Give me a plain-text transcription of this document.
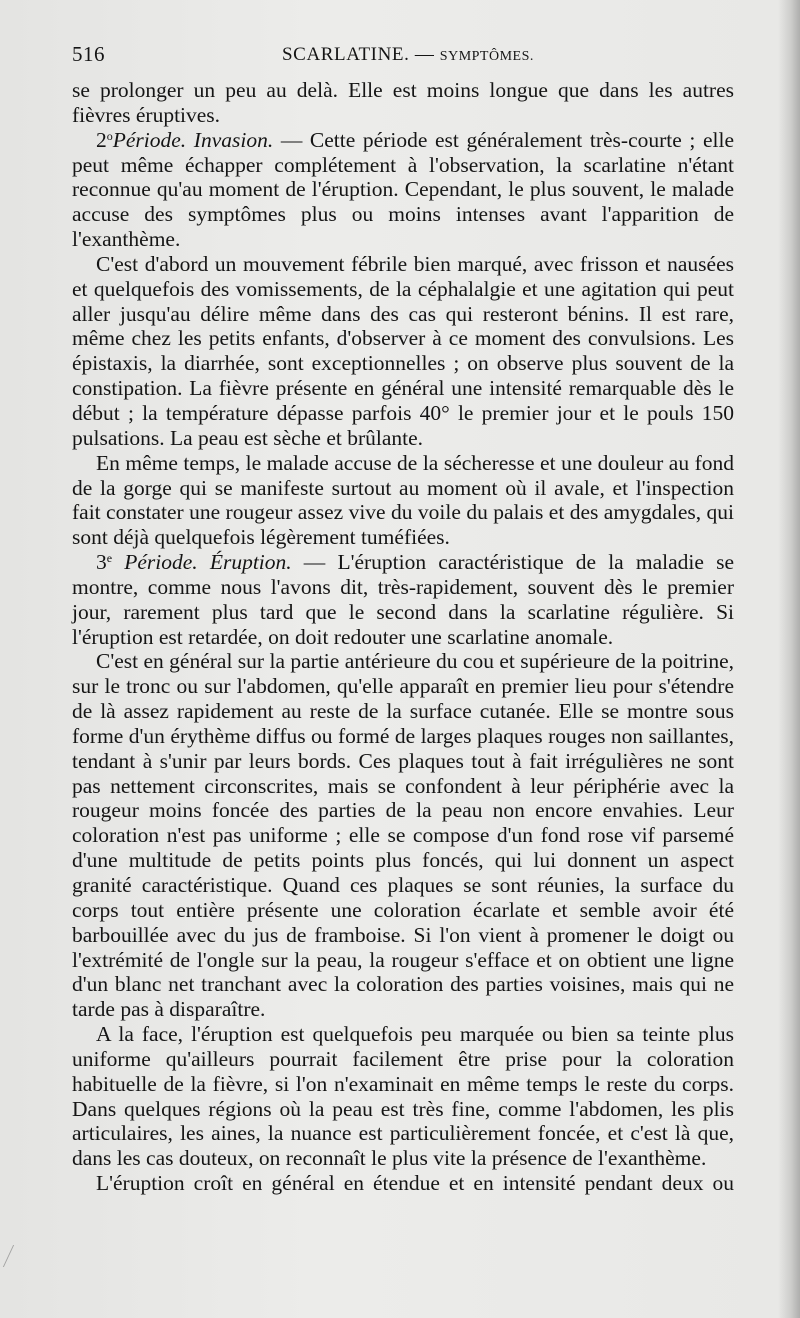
516	SCARLATINE. — SYMPTÔMES.

se prolonger un peu au delà. Elle est moins longue que dans les autres fièvres éruptives.

2$^o$Période. Invasion. — Cette période est généralement très-courte ; elle peut même échapper complétement à l'observation, la scarlatine n'étant reconnue qu'au moment de l'éruption. Cependant, le plus souvent, le malade accuse des symptômes plus ou moins intenses avant l'apparition de l'exanthème.

C'est d'abord un mouvement fébrile bien marqué, avec frisson et nausées et quelquefois des vomissements, de la céphalalgie et une agitation qui peut aller jusqu'au délire même dans des cas qui resteront bénins. Il est rare, même chez les petits enfants, d'observer à ce moment des convulsions. Les épistaxis, la diarrhée, sont exceptionnelles ; on observe plus souvent de la constipation. La fièvre présente en général une intensité remarquable dès le début ; la température dépasse parfois 40° le premier jour et le pouls 150 pulsations. La peau est sèche et brûlante.

En même temps, le malade accuse de la sécheresse et une douleur au fond de la gorge qui se manifeste surtout au moment où il avale, et l'inspection fait constater une rougeur assez vive du voile du palais et des amygdales, qui sont déjà quelquefois légèrement tuméfiées.

3e Période. Éruption. — L'éruption caractéristique de la maladie se montre, comme nous l'avons dit, très-rapidement, souvent dès le premier jour, rarement plus tard que le second dans la scarlatine régulière. Si l'éruption est retardée, on doit redouter une scarlatine anomale.

C'est en général sur la partie antérieure du cou et supérieure de la poitrine, sur le tronc ou sur l'abdomen, qu'elle apparaît en premier lieu pour s'étendre de là assez rapidement au reste de la surface cutanée. Elle se montre sous forme d'un érythème diffus ou formé de larges plaques rouges non saillantes, tendant à s'unir par leurs bords. Ces plaques tout à fait irrégulières ne sont pas nettement circonscrites, mais se confondent à leur périphérie avec la rougeur moins foncée des parties de la peau non encore envahies. Leur coloration n'est pas uniforme ; elle se compose d'un fond rose vif parsemé d'une multitude de petits points plus foncés, qui lui donnent un aspect granité caractéristique. Quand ces plaques se sont réunies, la surface du corps tout entière présente une coloration écarlate et semble avoir été barbouillée avec du jus de framboise. Si l'on vient à promener le doigt ou l'extrémité de l'ongle sur la peau, la rougeur s'efface et on obtient une ligne d'un blanc net tranchant avec la coloration des parties voisines, mais qui ne tarde pas à disparaître.

A la face, l'éruption est quelquefois peu marquée ou bien sa teinte plus uniforme qu'ailleurs pourrait facilement être prise pour la coloration habituelle de la fièvre, si l'on n'examinait en même temps le reste du corps. Dans quelques régions où la peau est très fine, comme l'abdomen, les plis articulaires, les aines, la nuance est particulièrement foncée, et c'est là que, dans les cas douteux, on reconnaît le plus vite la présence de l'exanthème.

L'éruption croît en général en étendue et en intensité pendant deux ou
